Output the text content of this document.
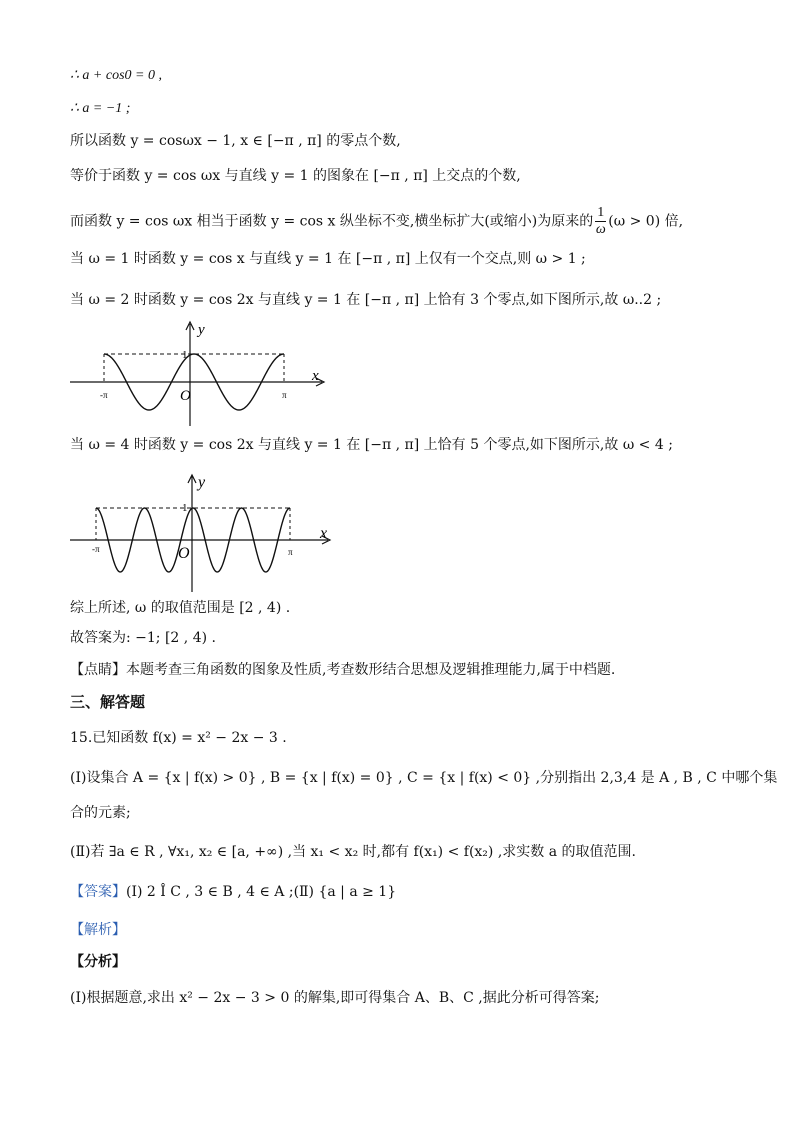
∴ a + cos0 = 0 ,
∴ a = −1 ;
所以函数 y = cosωx − 1, x ∈ [−π , π] 的零点个数,
等价于函数 y = cos ωx 与直线 y = 1 的图象在 [−π , π] 上交点的个数,
而函数 y = cos ωx 相当于函数 y = cos x 纵坐标不变,横坐标扩大(或缩小)为原来的 $\frac{1}{\omega} (\omega > 0)$ 倍,
当 ω = 1 时函数 y = cos x 与直线 y = 1 在 [−π , π] 上仅有一个交点,则 ω > 1 ;
当 ω = 2 时函数 y = cos 2x 与直线 y = 1 在 [−π , π] 上恰有 3 个零点,如下图所示,故 ω..2 ;
y
x
O
1
-π	π
当 ω = 4 时函数 y = cos 2x 与直线 y = 1 在 [−π , π] 上恰有 5 个零点,如下图所示,故 ω < 4 ;
y
x
O
1
-π	π
综上所述, ω 的取值范围是 [2 , 4) .
故答案为: −1; [2 , 4) .
【点睛】本题考查三角函数的图象及性质,考查数形结合思想及逻辑推理能力,属于中档题.
三、解答题
15.已知函数 f(x) = x² − 2x − 3 .
(Ⅰ)设集合 A = {x | f(x) > 0} , B = {x | f(x) = 0} , C = {x | f(x) < 0} ,分别指出 2,3,4 是 A , B , C 中哪个集
合的元素;
(Ⅱ)若 ∃a ∈ R , ∀x₁, x₂ ∈ [a, +∞) ,当 x₁ < x₂ 时,都有 f(x₁) < f(x₂) ,求实数 a 的取值范围.
【答案】(Ⅰ) 2 Î C , 3 ∈ B , 4 ∈ A ;(Ⅱ) {a | a ≥ 1}
【解析】
【分析】
(Ⅰ)根据题意,求出 x² − 2x − 3 > 0 的解集,即可得集合 A、B、C ,据此分析可得答案;
